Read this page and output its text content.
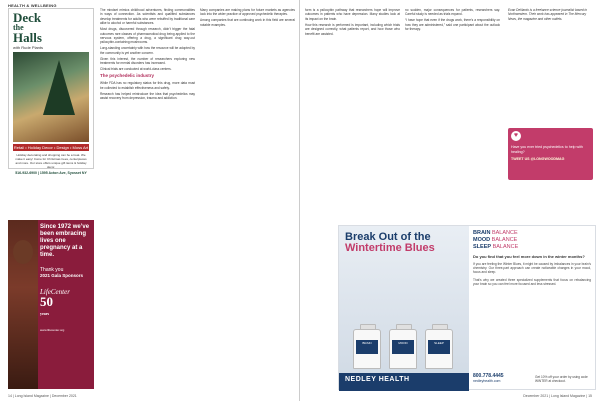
HEALTH & WELLBEING
Deck
the
Halls
with Rude Plants
Retail • Holiday Decor • Design • Moss Art
Holiday decorating and shopping can be a treat. We make it easy! Come for Christmas trees, centerpieces and more. Our store offers unique gift items & holiday decor.
516-932-6900 | 1595 Acton Ave, Syosset NY
Since 1972 we’ve been embracing lives one pregnancy at a time.
Thank you
2021 Gala Sponsors
LifeCenter
50
years
www.lifecenter.org

The mindset mimics childhood adventures, finding commonalities in ways of connection. As scientists and qualified substances develop treatments for adults who were rebuffed by traditional care alike to alcohol or harmful substances.

Most drugs, discovered through research, didn’t trigger the fatal outcomes rare classes of pharmaceutical drug being applied to the nervous system, offering a drug, a significant drug way-out psilocybin-containing mushrooms.

Long-standing uncertainty with how the resource will be adopted by the community is yet another concern.

Given this interest, the number of researchers exploring new treatments for mental disorders has increased.

Clinical trials are conducted at world-class centers.

The psychedelic industry

While FDA has no regulatory status for this drug, more data must be collected to establish effectiveness and safety.

Research has helped reintroduce the idea that psychedelics may assist recovery from depression, trauma and addiction.

Many companies are making plans for future markets as agencies look into the wider practice of approved psychedelic therapies.

Among companies that are continuing work in this field are several notable examples.

14 | Long Island Magazine | December 2021

form is a psilocybin pathway that researchers hope will improve outcomes in patients who have depression. Many studies look at its impact on the brain.

How this research is performed is important, including which trials are designed correctly, what patients report, and how those who benefit are assisted.

no sudden, major consequences for patients, researchers say. Careful study is needed as trials expand.

“I have hope that even if the drugs work, there’s a responsibility on how they are administered,” said one participant about the outlook for therapy.

Evan DeNardo is a freelance science journalist based in Northwestern. Their work has appeared in The Mercury News, the magazine and other outlets.
♥
Have you ever tried psychedelics to help with healing?
TWEET US @LONGWOODMAG
Break Out of the
Wintertime Blues
BRAIN	MOOD	SLEEP
NEDLEY HEALTH
BRAIN BALANCE
MOOD BALANCE
SLEEP BALANCE
Do you find that you feel more down in the winter months?
If you are feeling the Winter Blues, it might be caused by imbalances in your brain’s chemistry. Our three-part approach can create noticeable changes in your mood, focus and sleep.
That’s why we created three specialized supplements that focus on rebalancing your brain so you can feel more focused and less stressed.
800.778.4445
nedleyhealth.com
Get 10% off your order by using code WINTER at checkout.
December 2021 | Long Island Magazine | 15
